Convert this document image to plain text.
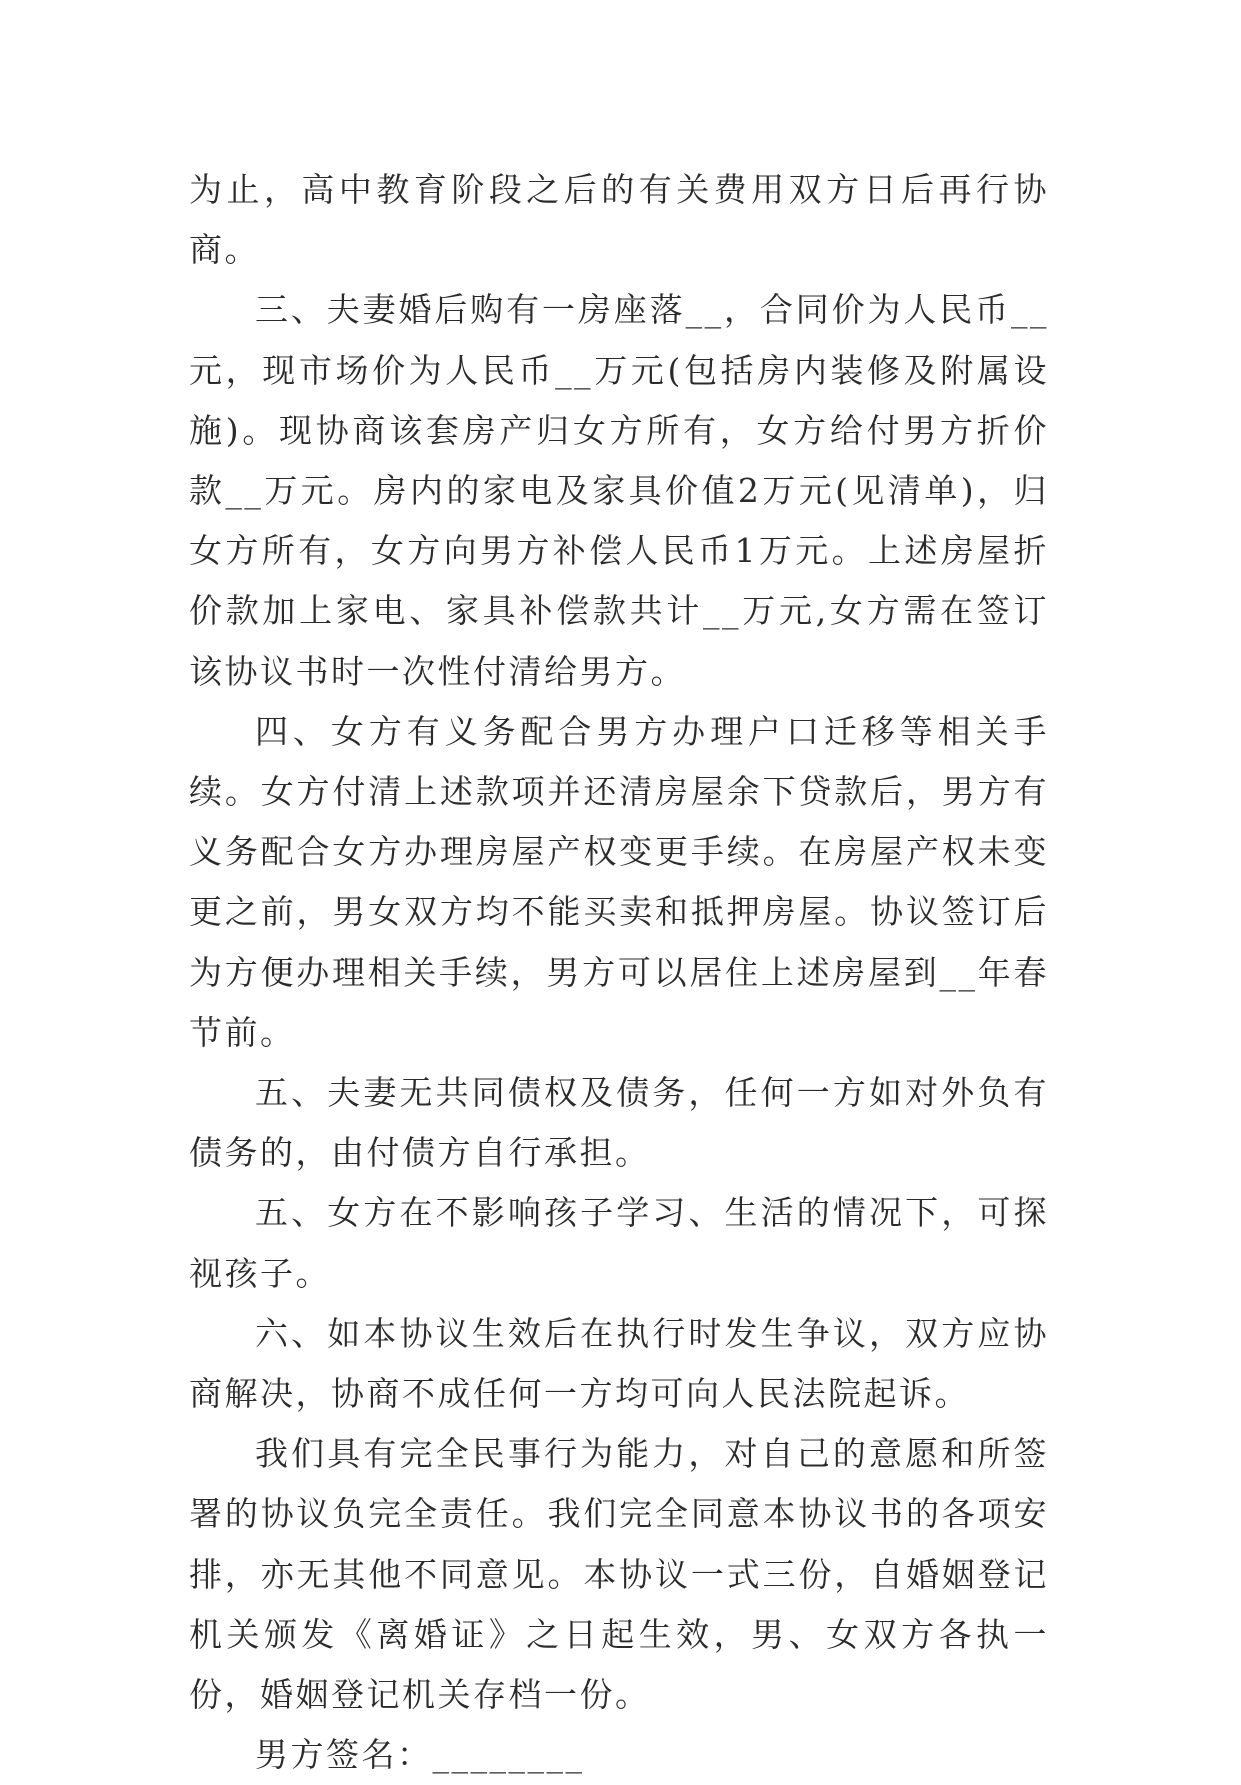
为止，高中教育阶段之后的有关费用双方日后再行协商。

三、夫妻婚后购有一房座落__，合同价为人民币__元，现市场价为人民币__万元(包括房内装修及附属设施)。现协商该套房产归女方所有，女方给付男方折价款__万元。房内的家电及家具价值2万元(见清单)，归女方所有，女方向男方补偿人民币1万元。上述房屋折价款加上家电、家具补偿款共计__万元,女方需在签订该协议书时一次性付清给男方。

四、女方有义务配合男方办理户口迁移等相关手续。女方付清上述款项并还清房屋余下贷款后，男方有义务配合女方办理房屋产权变更手续。在房屋产权未变更之前，男女双方均不能买卖和抵押房屋。协议签订后为方便办理相关手续，男方可以居住上述房屋到__年春节前。

五、夫妻无共同债权及债务，任何一方如对外负有债务的，由付债方自行承担。

五、女方在不影响孩子学习、生活的情况下，可探视孩子。

六、如本协议生效后在执行时发生争议，双方应协商解决，协商不成任何一方均可向人民法院起诉。

我们具有完全民事行为能力，对自己的意愿和所签署的协议负完全责任。我们完全同意本协议书的各项安排，亦无其他不同意见。本协议一式三份，自婚姻登记机关颁发《离婚证》之日起生效，男、女双方各执一份，婚姻登记机关存档一份。

男方签名：________
